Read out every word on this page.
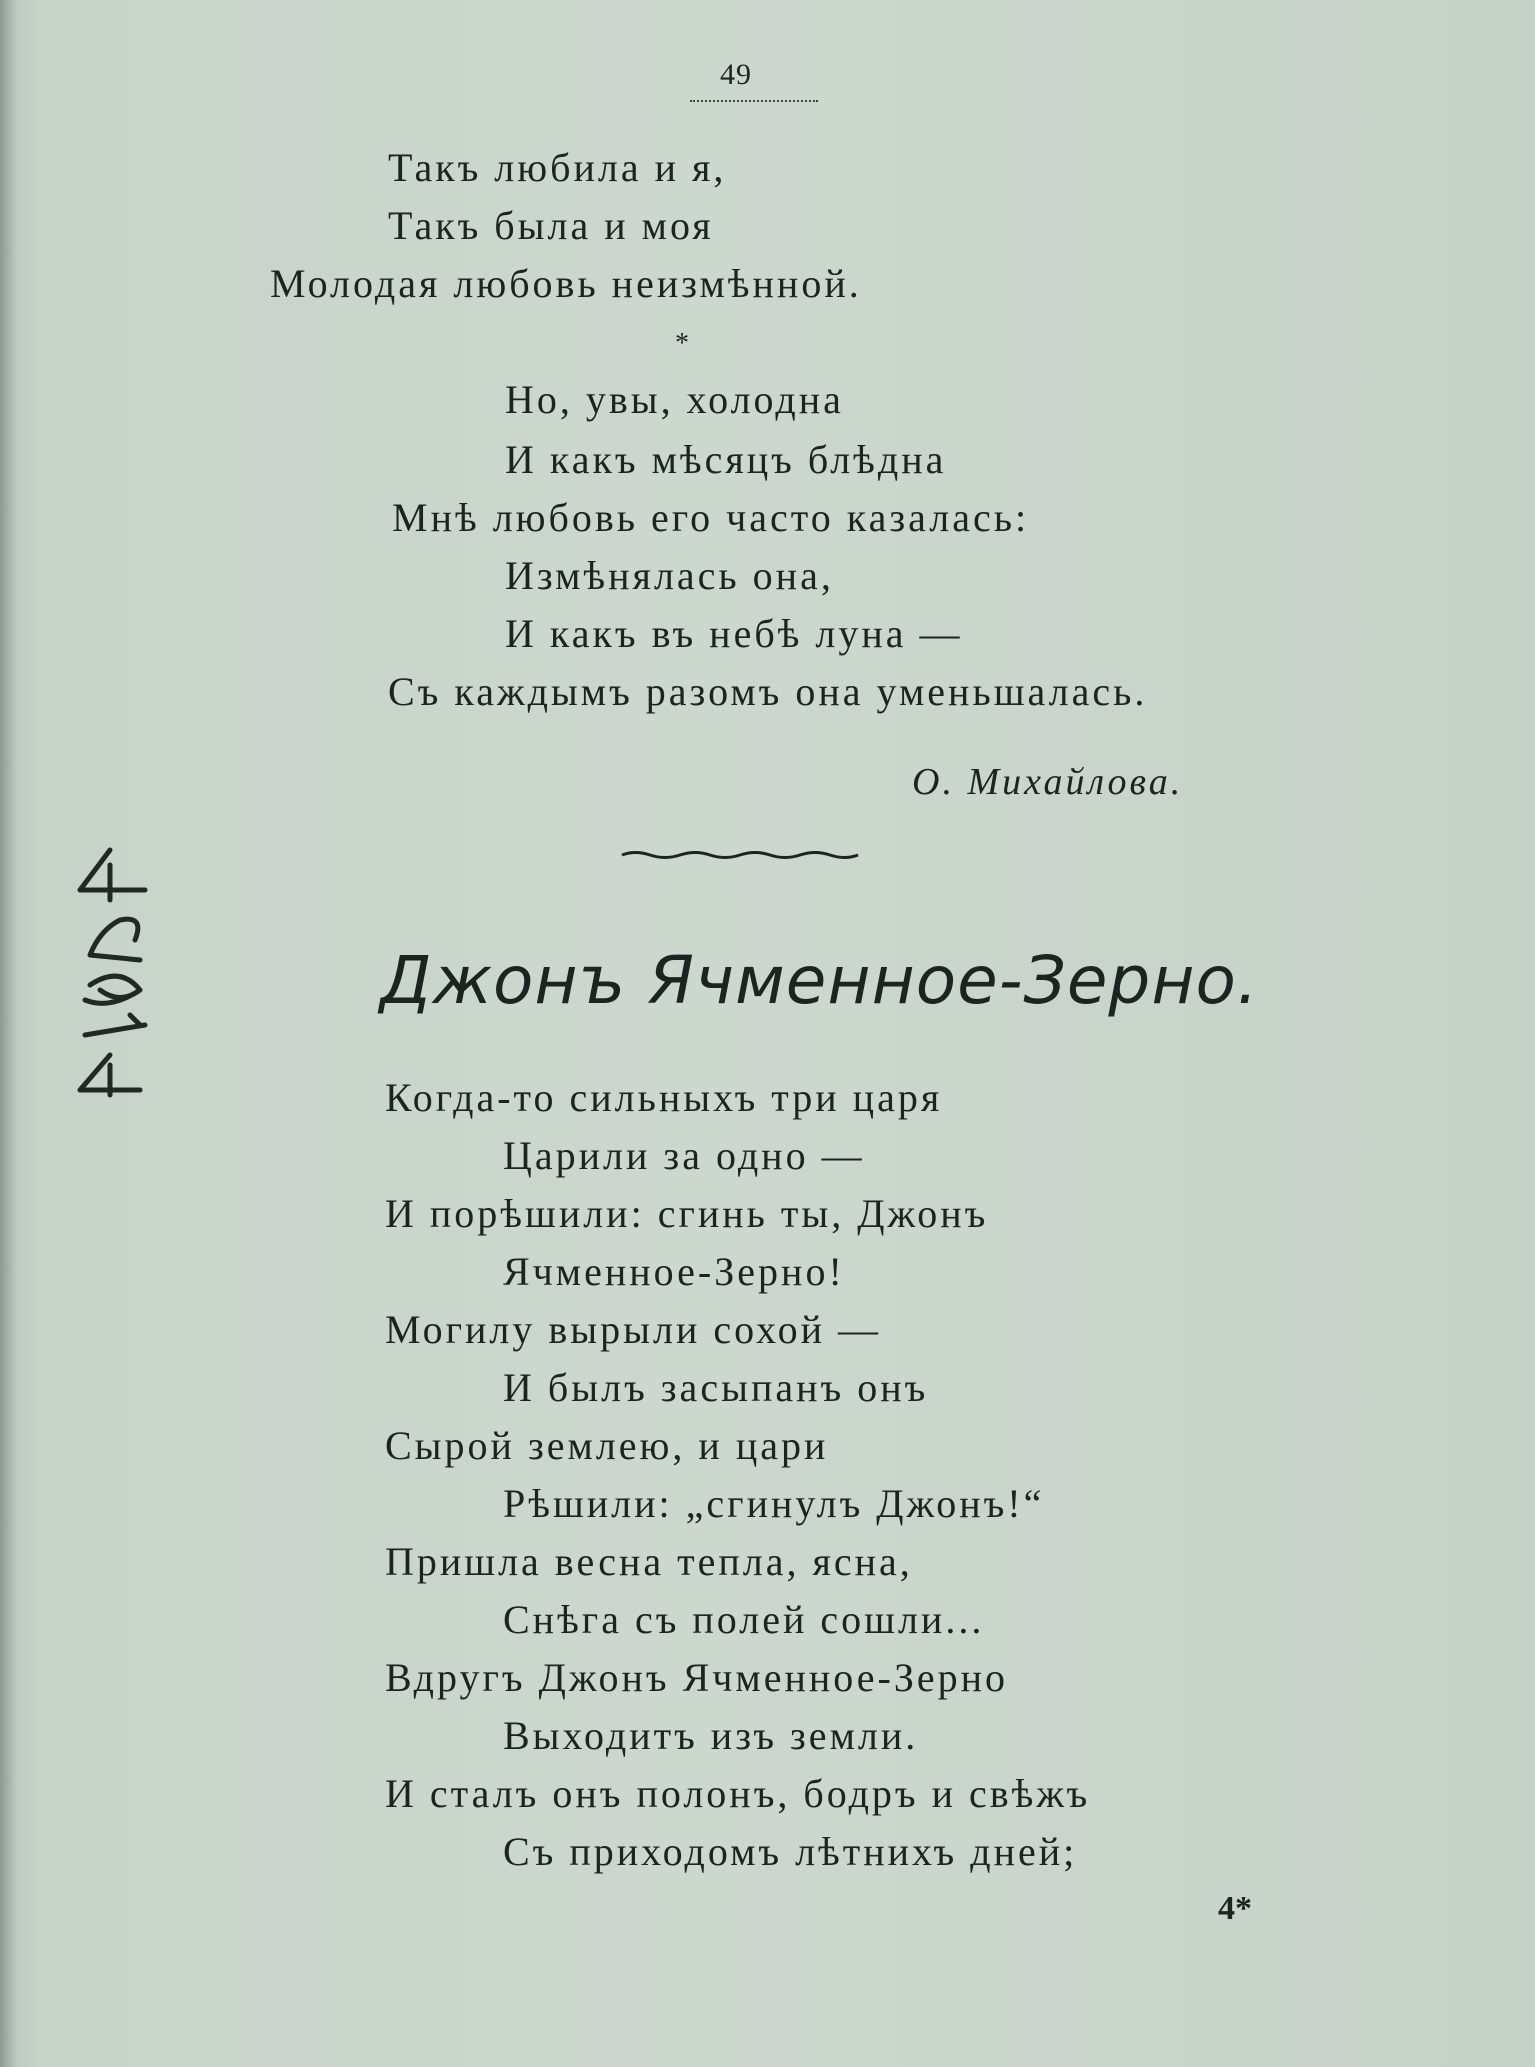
49
Такъ любила и я,
Такъ была и моя
Молодая любовь неизмѣнной.
*
Но, увы, холодна
И какъ мѣсяцъ блѣдна
Мнѣ любовь его часто казалась:
Измѣнялась она,
И какъ въ небѣ луна —
Съ каждымъ разомъ она уменьшалась.
О. Михайлова.
Джонъ Ячменное-Зерно.
Когда-то сильныхъ три царя
Царили за одно —
И порѣшили: сгинь ты, Джонъ
Ячменное-Зерно!
Могилу вырыли сохой —
И былъ засыпанъ онъ
Сырой землею, и цари
Рѣшили: „сгинулъ Джонъ!“
Пришла весна тепла, ясна,
Снѣга съ полей сошли...
Вдругъ Джонъ Ячменное-Зерно
Выходитъ изъ земли.
И сталъ онъ полонъ, бодръ и свѣжъ
Съ приходомъ лѣтнихъ дней;
4*
